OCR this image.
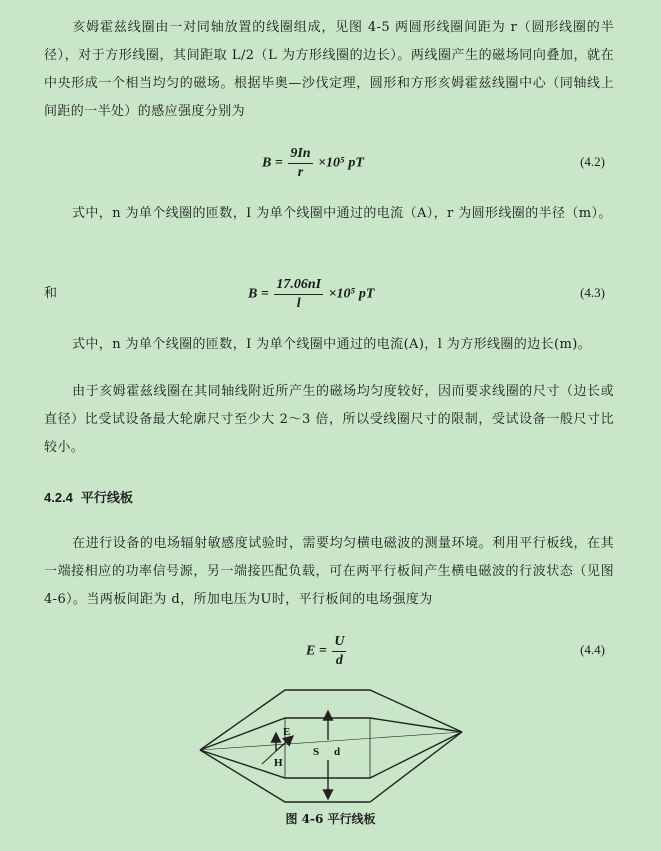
亥姆霍兹线圈由一对同轴放置的线圈组成，见图 4-5 两圆形线圈间距为 r（圆形线圈的半径），对于方形线圈，其间距取 L/2（L 为方形线圈的边长）。两线圈产生的磁场同向叠加，就在中央形成一个相当均匀的磁场。根据毕奥—沙伐定理，圆形和方形亥姆霍兹线圈中心（同轴线上间距的一半处）的感应强度分别为
$B = \frac{9In}{r} \times 10^5$ pT	(4.2)
式中，n 为单个线圈的匝数，I 为单个线圈中通过的电流（A），r 为圆形线圈的半径（m）。
和	$B = \frac{17.06nI}{l} \times 10^5$ pT	(4.3)
式中，n 为单个线圈的匝数，I 为单个线圈中通过的电流(A)，l 为方形线圈的边长(m)。
由于亥姆霍兹线圈在其同轴线附近所产生的磁场均匀度较好，因而要求线圈的尺寸（边长或直径）比受试设备最大轮廓尺寸至少大 2～3 倍，所以受线圈尺寸的限制，受试设备一般尺寸比较小。
4.2.4 平行线板
在进行设备的电场辐射敏感度试验时，需要均匀横电磁波的测量环境。利用平行板线，在其一端接相应的功率信号源，另一端接匹配负载，可在两平行板间产生横电磁波的行波状态（见图 4-6）。当两板间距为 d，所加电压为U时，平行板间的电场强度为
$E = \frac{U}{d}$	(4.4)
E
H
S d
图 4-6 平行线板
